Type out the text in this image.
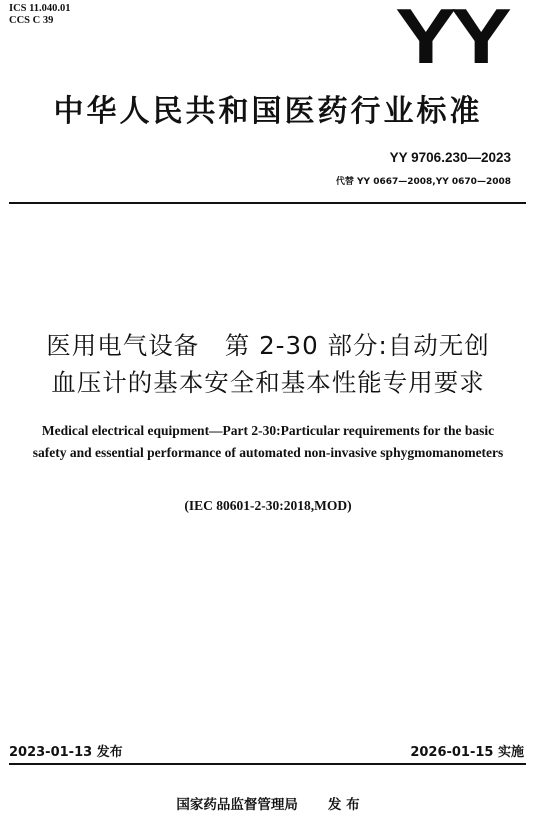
ICS 11.040.01
CCS C 39	YY
中华人民共和国医药行业标准
YY 9706.230—2023
代替 YY 0667—2008,YY 0670—2008
医用电气设备　第 2-30 部分:自动无创
血压计的基本安全和基本性能专用要求
Medical electrical equipment—Part 2-30:Particular requirements for the basic
safety and essential performance of automated non-invasive sphygmomanometers
(IEC 80601-2-30:2018,MOD)
2023-01-13 发布	2026-01-15 实施
国家药品监督管理局 发 布
